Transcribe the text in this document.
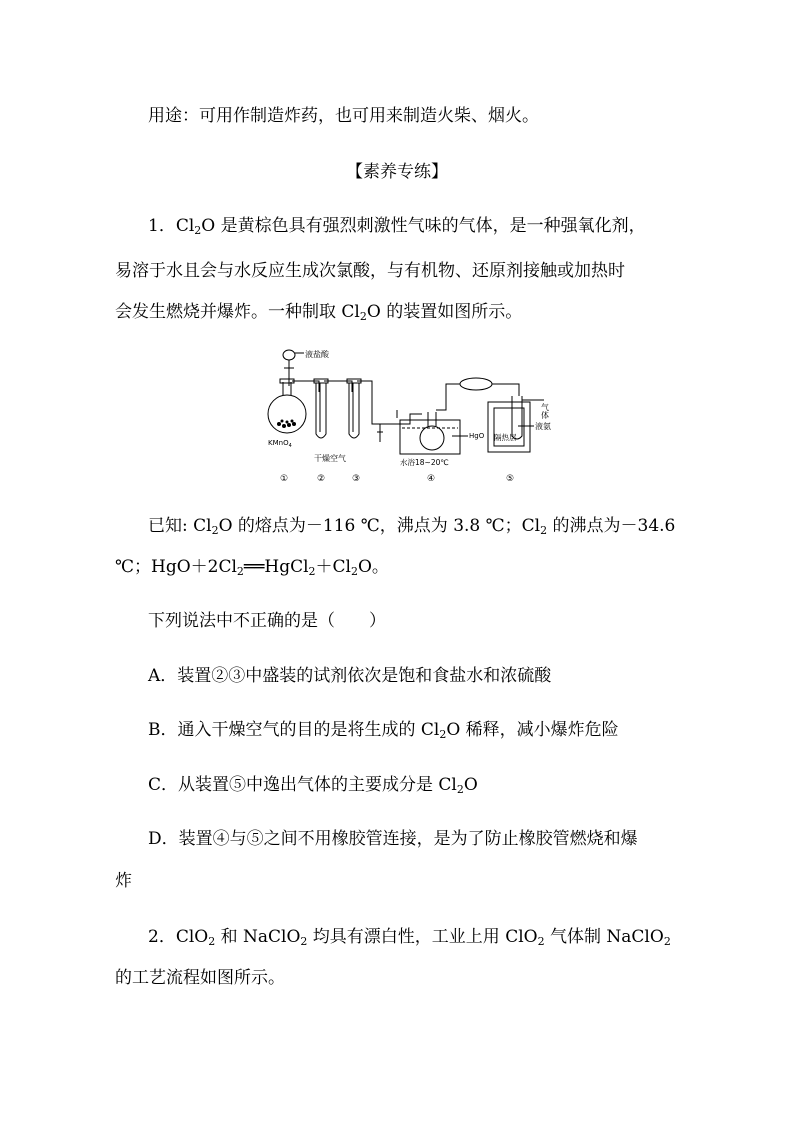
用途：可用作制造炸药，也可用来制造火柴、烟火。
【素养专练】
1．$Cl_2O$ 是黄棕色具有强烈刺激性气味的气体，是一种强氧化剂，
易溶于水且会与水反应生成次氯酸，与有机物、还原剂接触或加热时
会发生燃烧并爆炸。一种制取 $Cl_2O$ 的装置如图所示。
液盐酸
KMnO$_4$
干燥空气	水浴18~20℃
HgO 隔热层
液氨
气体
①	②	③	④	⑤
已知: $Cl_2O$ 的熔点为－116 ℃，沸点为 3.8 ℃；$Cl_2$ 的沸点为－34.6
℃；$HgO+2Cl_2══HgCl_2+Cl_2O$。
下列说法中不正确的是（　　）
A．装置②③中盛装的试剂依次是饱和食盐水和浓硫酸
B．通入干燥空气的目的是将生成的 $Cl_2O$ 稀释，减小爆炸危险
C．从装置⑤中逸出气体的主要成分是 $Cl_2O$
D．装置④与⑤之间不用橡胶管连接，是为了防止橡胶管燃烧和爆
炸
2．ClO$_2$ 和 NaClO$_2$ 均具有漂白性，工业上用 ClO$_2$ 气体制 NaClO$_2$
的工艺流程如图所示。
